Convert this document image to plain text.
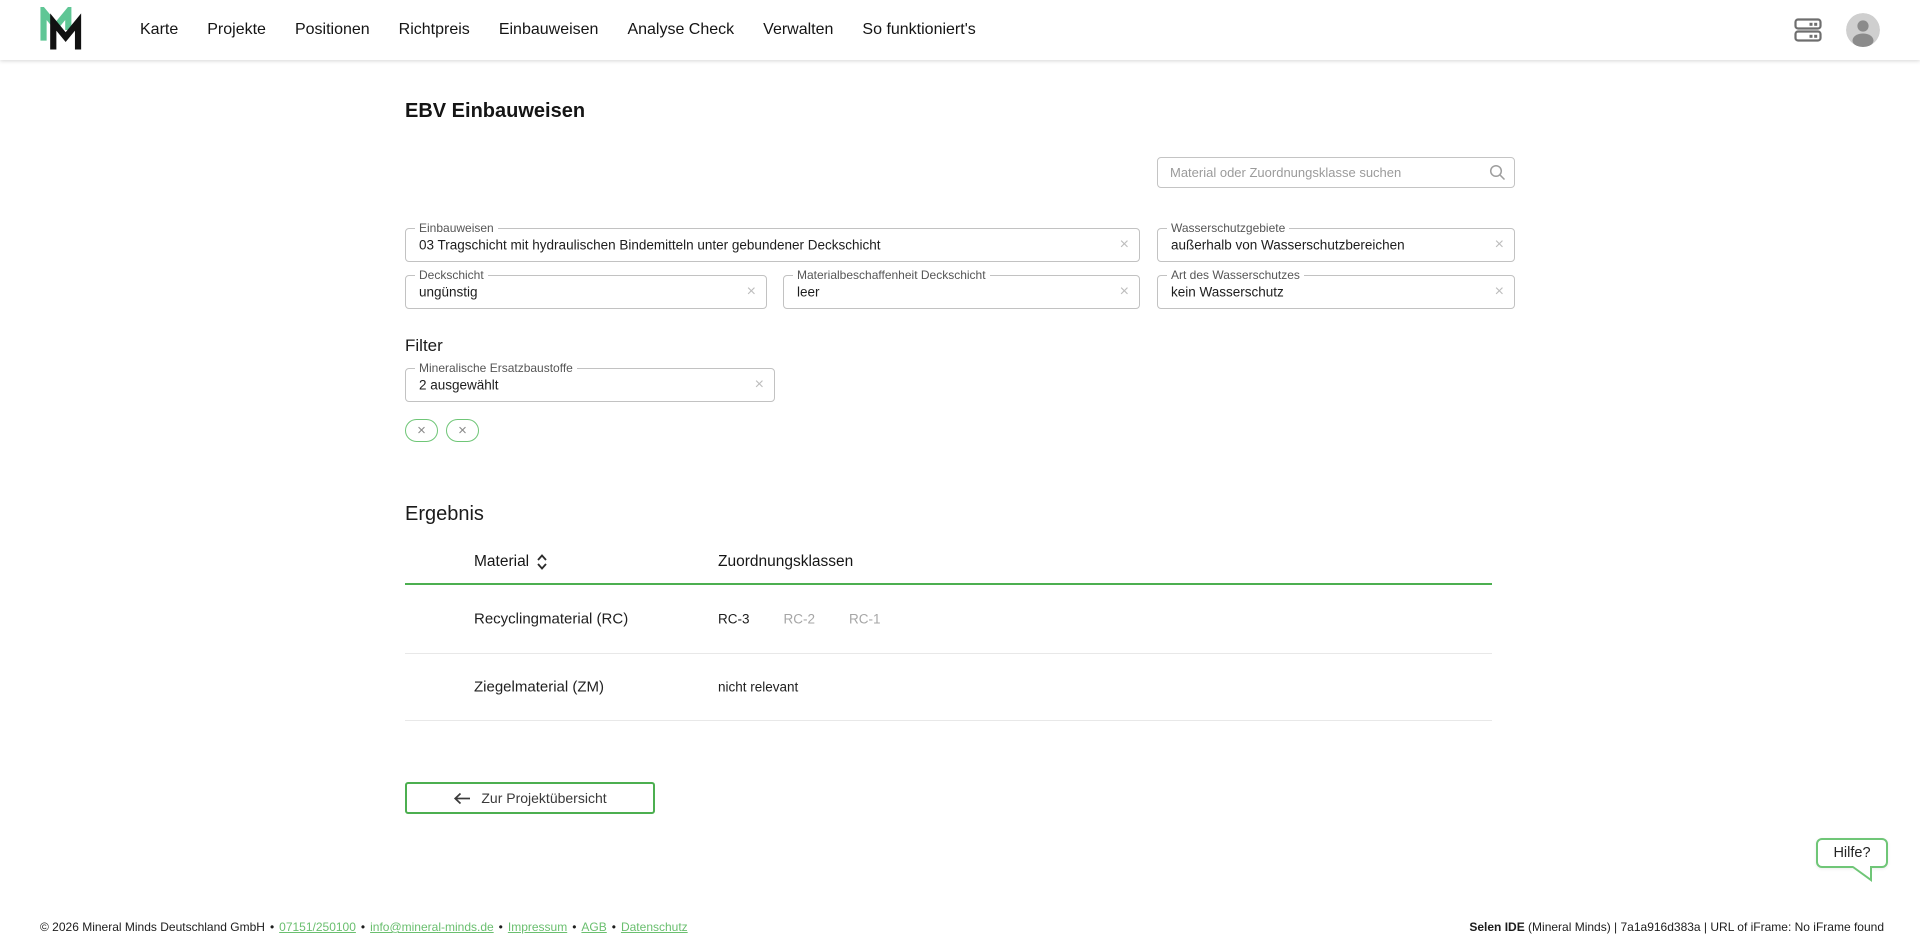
Karte Projekte Positionen Richtpreis Einbauweisen Analyse Check Verwalten So funktioniert's
EBV Einbauweisen
Material oder Zuordnungsklasse suchen
Einbauweisen
03 Tragschicht mit hydraulischen Bindemitteln unter gebundener Deckschicht	×
Wasserschutzgebiete
außerhalb von Wasserschutzbereichen	×
Deckschicht
ungünstig	×
Materialbeschaffenheit Deckschicht
leer	×
Art des Wasserschutzes
kein Wasserschutz	×
Filter
Mineralische Ersatzbaustoffe
2 ausgewählt	×
× ×
Ergebnis
Material	Zuordnungsklassen
Recyclingmaterial (RC)	RC-3	RC-2	RC-1
Ziegelmaterial (ZM)	nicht relevant
Zur Projektübersicht
Hilfe?
© 2026 Mineral Minds Deutschland GmbH • 07151/250100 • info@mineral-minds.de • Impressum • AGB • Datenschutz	Selen IDE (Mineral Minds) | 7a1a916d383a | URL of iFrame: No iFrame found
